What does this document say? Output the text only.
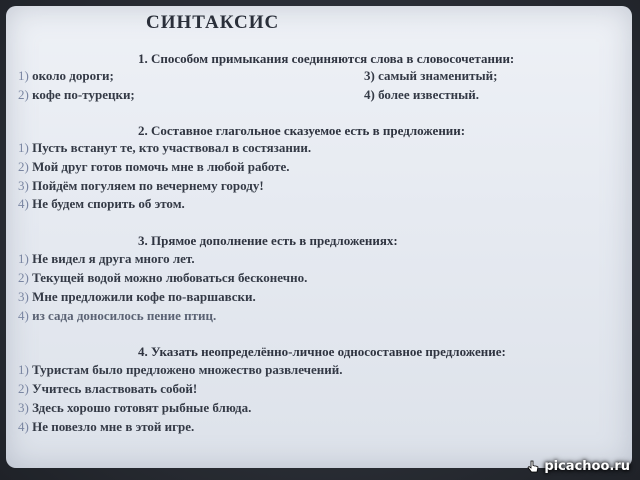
СИНТАКСИС
1. Способом примыкания соединяются слова в словосочетании:
1) около дороги;
2) кофе по-турецки;
3) самый знаменитый;
4) более известный.
2. Составное глагольное сказуемое есть в предложении:
1) Пусть встанут те, кто участвовал в состязании.
2) Мой друг готов помочь мне в любой работе.
3) Пойдём погуляем по вечернему городу!
4) Не будем спорить об этом.
3. Прямое дополнение есть в предложениях:
1) Не видел я друга много лет.
2) Текущей водой можно любоваться бесконечно.
3) Мне предложили кофе по-варшавски.
4) из сада доносилось пение птиц.
4. Указать неопределённо-личное односоставное предложение:
1) Туристам было предложено множество развлечений.
2) Учитесь властвовать собой!
3) Здесь хорошо готовят рыбные блюда.
4) Не повезло мне в этой игре.
picachoo.ru
